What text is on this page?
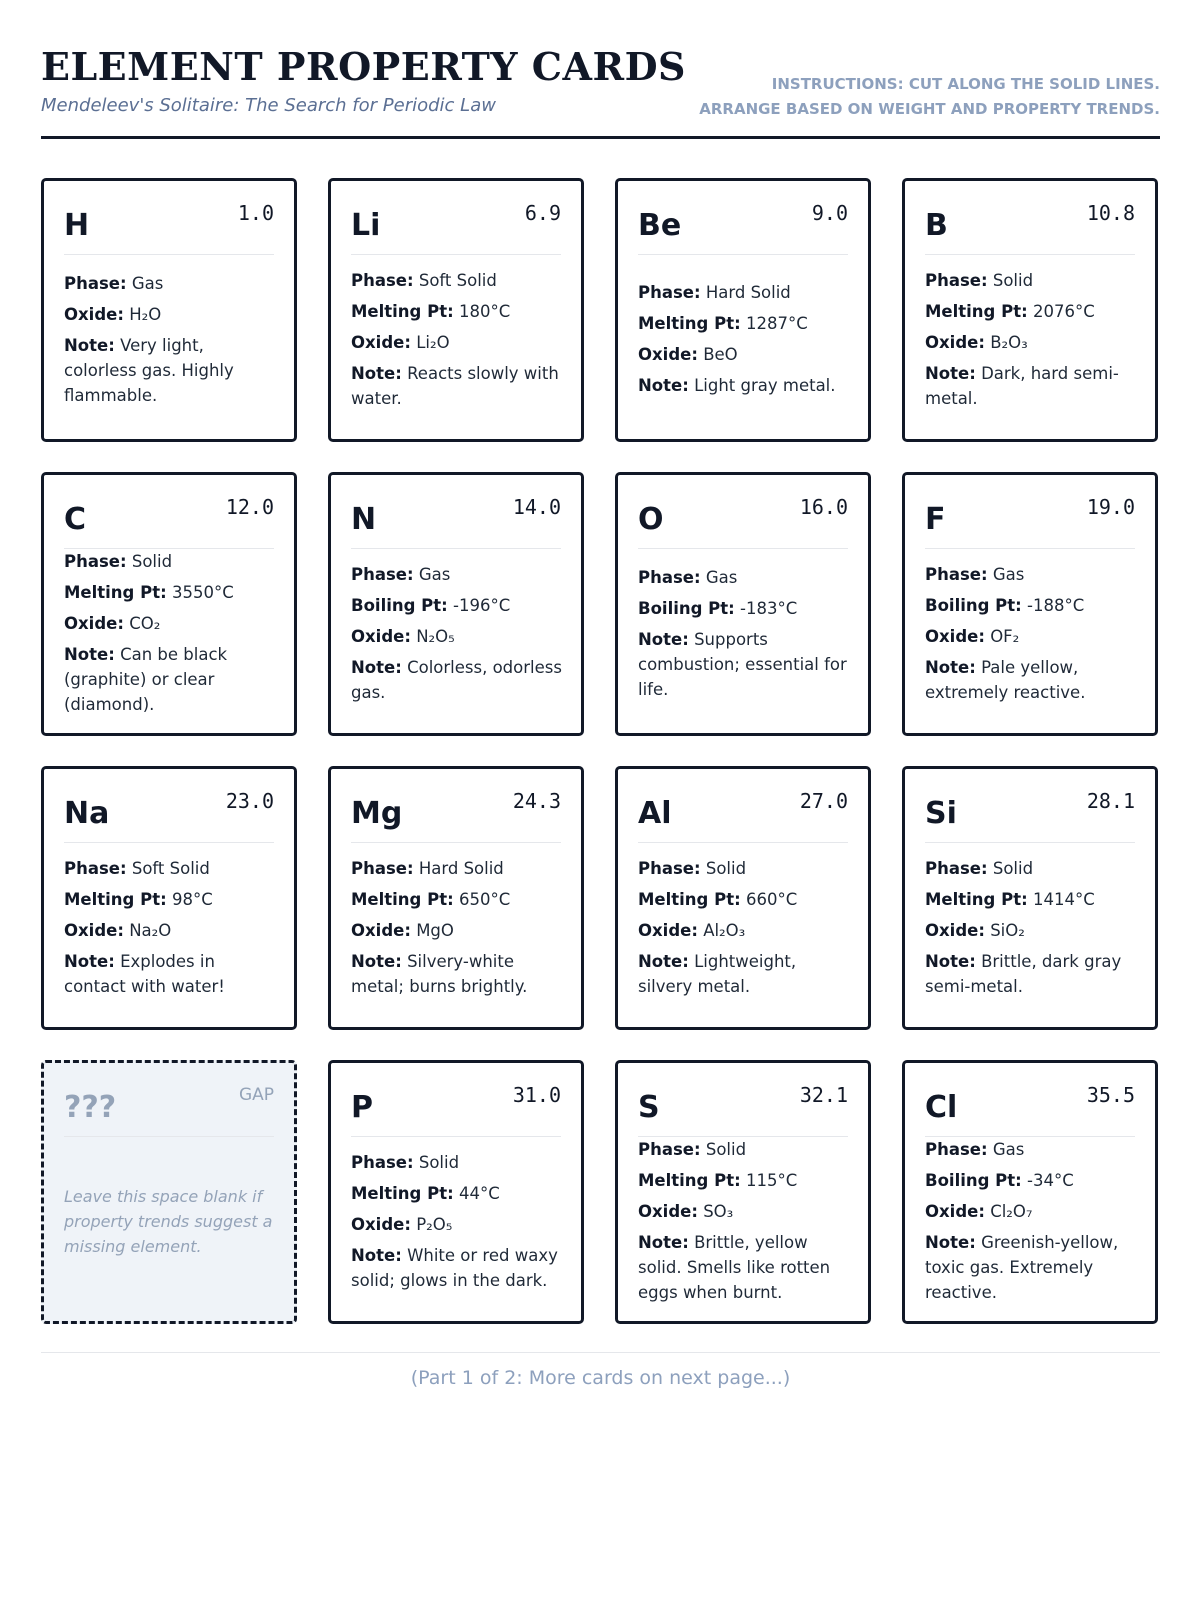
ELEMENT PROPERTY CARDS
Mendeleev's Solitaire: The Search for Periodic Law
INSTRUCTIONS: CUT ALONG THE SOLID LINES.
ARRANGE BASED ON WEIGHT AND PROPERTY TRENDS.
H	1.0
Phase: Gas
Oxide: H₂O
Note: Very light, colorless gas. Highly flammable.
Li	6.9
Phase: Soft Solid
Melting Pt: 180°C
Oxide: Li₂O
Note: Reacts slowly with water.
Be	9.0
Phase: Hard Solid
Melting Pt: 1287°C
Oxide: BeO
Note: Light gray metal.
B	10.8
Phase: Solid
Melting Pt: 2076°C
Oxide: B₂O₃
Note: Dark, hard semi-metal.
C	12.0
Phase: Solid
Melting Pt: 3550°C
Oxide: CO₂
Note: Can be black (graphite) or clear (diamond).
N	14.0
Phase: Gas
Boiling Pt: -196°C
Oxide: N₂O₅
Note: Colorless, odorless gas.
O	16.0
Phase: Gas
Boiling Pt: -183°C
Note: Supports combustion; essential for life.
F	19.0
Phase: Gas
Boiling Pt: -188°C
Oxide: OF₂
Note: Pale yellow, extremely reactive.
Na	23.0
Phase: Soft Solid
Melting Pt: 98°C
Oxide: Na₂O
Note: Explodes in contact with water!
Mg	24.3
Phase: Hard Solid
Melting Pt: 650°C
Oxide: MgO
Note: Silvery-white metal; burns brightly.
Al	27.0
Phase: Solid
Melting Pt: 660°C
Oxide: Al₂O₃
Note: Lightweight, silvery metal.
Si	28.1
Phase: Solid
Melting Pt: 1414°C
Oxide: SiO₂
Note: Brittle, dark gray semi-metal.
???	GAP
Leave this space blank if property trends suggest a missing element.
P	31.0
Phase: Solid
Melting Pt: 44°C
Oxide: P₂O₅
Note: White or red waxy solid; glows in the dark.
S	32.1
Phase: Solid
Melting Pt: 115°C
Oxide: SO₃
Note: Brittle, yellow solid. Smells like rotten eggs when burnt.
Cl	35.5
Phase: Gas
Boiling Pt: -34°C
Oxide: Cl₂O₇
Note: Greenish-yellow, toxic gas. Extremely reactive.
(Part 1 of 2: More cards on next page...)
